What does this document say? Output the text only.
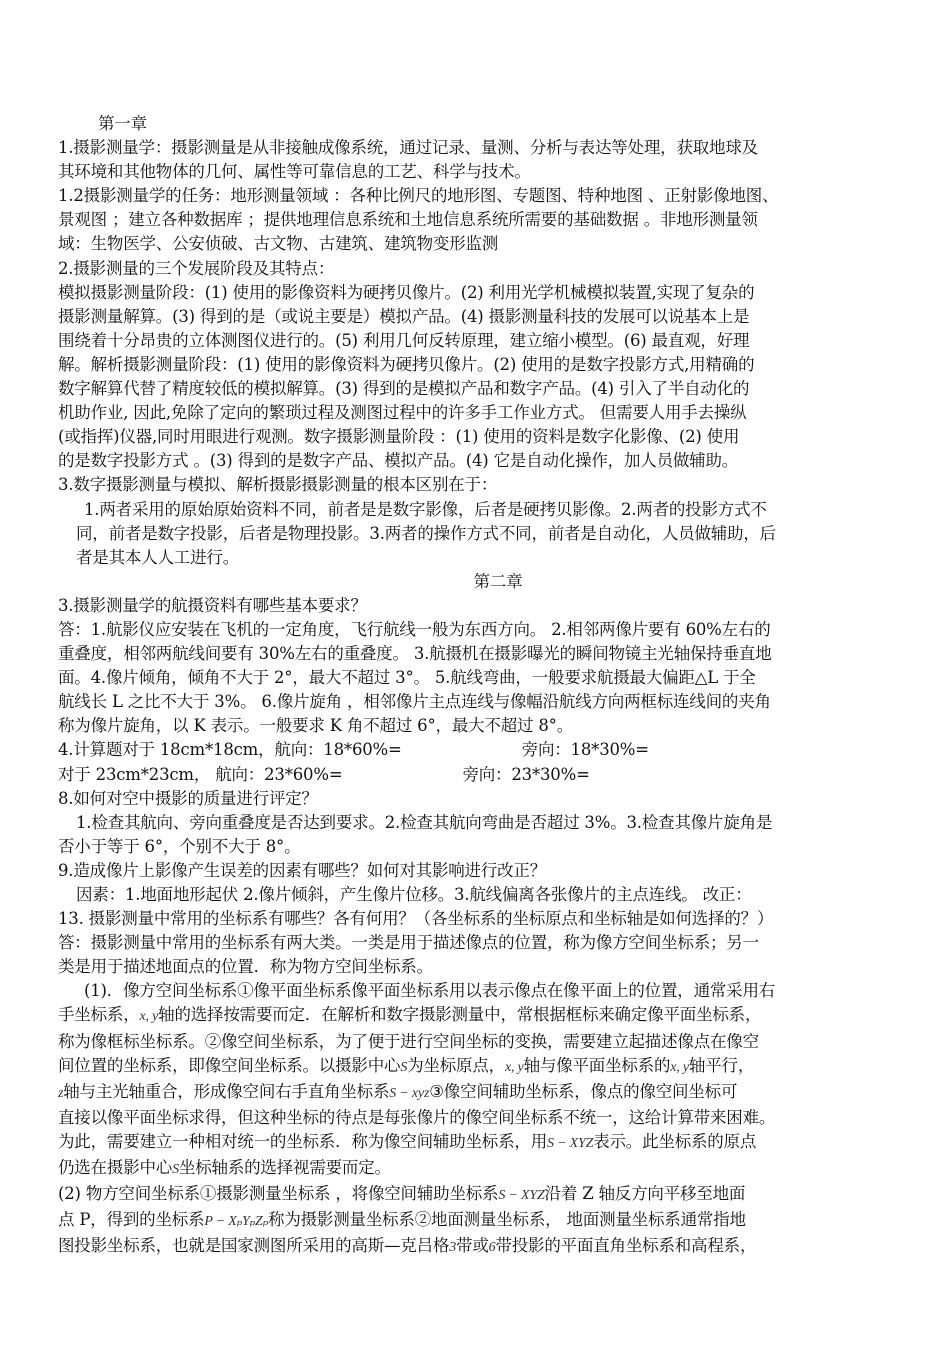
第一章
1.摄影测量学：摄影测量是从非接触成像系统，通过记录、量测、分析与表达等处理，获取地球及
其环境和其他物体的几何、属性等可靠信息的工艺、科学与技术。
1.2摄影测量学的任务：地形测量领域 ：各种比例尺的地形图、专题图、特种地图 、正射影像地图、
景观图 ；建立各种数据库 ；提供地理信息系统和土地信息系统所需要的基础数据 。非地形测量领
域：生物医学、公安侦破、古文物、古建筑、建筑物变形监测
2.摄影测量的三个发展阶段及其特点：
模拟摄影测量阶段：(1) 使用的影像资料为硬拷贝像片。(2) 利用光学机械模拟装置,实现了复杂的
摄影测量解算。(3) 得到的是（或说主要是）模拟产品。(4) 摄影测量科技的发展可以说基本上是
围绕着十分昂贵的立体测图仪进行的。(5) 利用几何反转原理，建立缩小模型。(6) 最直观，好理
解。解析摄影测量阶段：(1) 使用的影像资料为硬拷贝像片。(2) 使用的是数字投影方式,用精确的
数字解算代替了精度较低的模拟解算。(3) 得到的是模拟产品和数字产品。(4) 引入了半自动化的
机助作业, 因此,免除了定向的繁琐过程及测图过程中的许多手工作业方式。 但需要人用手去操纵
(或指挥)仪器,同时用眼进行观测。数字摄影测量阶段 ：(1) 使用的资料是数字化影像、(2) 使用
的是数字投影方式 。(3) 得到的是数字产品、模拟产品。(4) 它是自动化操作，加人员做辅助。
3.数字摄影测量与模拟、解析摄影摄影测量的根本区别在于：
1.两者采用的原始原始资料不同，前者是是数字影像，后者是硬拷贝影像。2.两者的投影方式不
同，前者是数字投影，后者是物理投影。3.两者的操作方式不同，前者是自动化，人员做辅助，后
者是其本人人工进行。
第二章
3.摄影测量学的航摄资料有哪些基本要求？
答：1.航影仪应安装在飞机的一定角度，飞行航线一般为东西方向。 2.相邻两像片要有 60%左右的
重叠度，相邻两航线间要有 30%左右的重叠度。 3.航摄机在摄影曝光的瞬间物镜主光轴保持垂直地
面。4.像片倾角，倾角不大于 2°，最大不超过 3°。 5.航线弯曲，一般要求航摄最大偏距△L 于全
航线长 L 之比不大于 3%。 6.像片旋角 ，相邻像片主点连线与像幅沿航线方向两框标连线间的夹角
称为像片旋角，以 K 表示。一般要求 K 角不超过 6°，最大不超过 8°。
4.计算题对于 18cm*18cm，航向：18*60%=	旁向：18*30%=
对于 23cm*23cm， 航向：23*60%=	旁向：23*30%=
8.如何对空中摄影的质量进行评定？
1.检查其航向、旁向重叠度是否达到要求。2.检查其航向弯曲是否超过 3%。3.检查其像片旋角是
否小于等于 6°，个别不大于 8°。
9.造成像片上影像产生误差的因素有哪些？如何对其影响进行改正？
因素：1.地面地形起伏 2.像片倾斜，产生像片位移。3.航线偏离各张像片的主点连线。 改正：
13. 摄影测量中常用的坐标系有哪些？各有何用？（各坐标系的坐标原点和坐标轴是如何选择的？）
答：摄影测量中常用的坐标系有两大类。一类是用于描述像点的位置，称为像方空间坐标系；另一
类是用于描述地面点的位置．称为物方空间坐标系。
(1)．像方空间坐标系①像平面坐标系像平面坐标系用以表示像点在像平面上的位置，通常采用右
手坐标系，x, y轴的选择按需要而定．在解析和数字摄影测量中，常根据框标来确定像平面坐标系，
称为像框标坐标系。②像空间坐标系，为了便于进行空间坐标的变换，需要建立起描述像点在像空
间位置的坐标系，即像空间坐标系。以摄影中心S为坐标原点，x, y轴与像平面坐标系的x, y轴平行，
z轴与主光轴重合，形成像空间右手直角坐标系S − xyz③像空间辅助坐标系，像点的像空间坐标可
直接以像平面坐标求得，但这种坐标的待点是每张像片的像空间坐标系不统一，这给计算带来困难。
为此，需要建立一种相对统一的坐标系．称为像空间辅助坐标系，用S − XYZ表示。此坐标系的原点
仍选在摄影中心S坐标轴系的选择视需要而定。
(2) 物方空间坐标系①摄影测量坐标系 ，将像空间辅助坐标系S − XYZ沿着 Z 轴反方向平移至地面
点 P，得到的坐标系P − XₚYₚZₚ称为摄影测量坐标系②地面测量坐标系， 地面测量坐标系通常指地
图投影坐标系，也就是国家测图所采用的高斯—克吕格3带或6带投影的平面直角坐标系和高程系，
